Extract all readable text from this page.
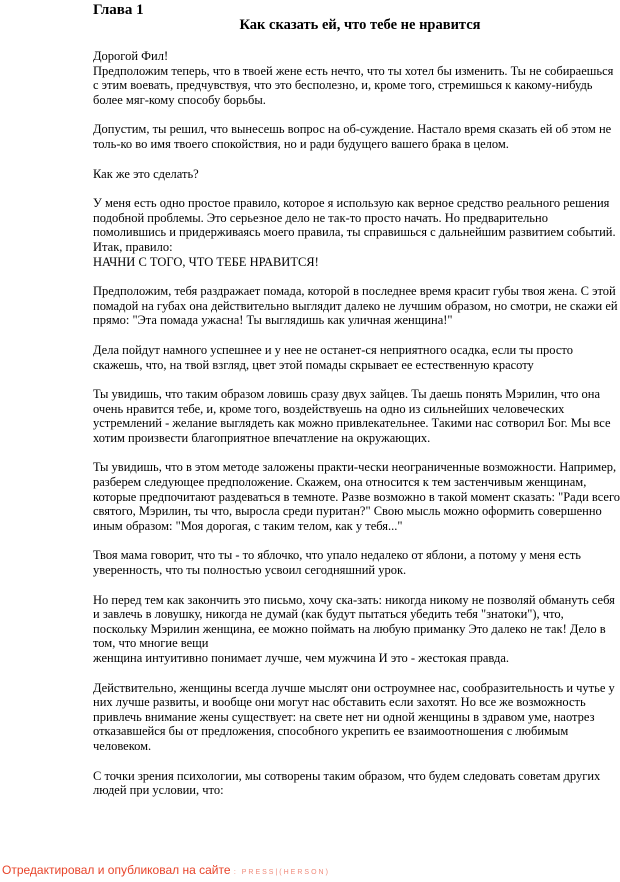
Глава 1
Как сказать ей, что тебе не нравится

Дорогой Фил!
Предположим теперь, что в твоей жене есть нечто, что ты хотел бы изменить. Ты не собираешься
с этим воевать, предчувствуя, что это бесполезно, и, кроме того, стремишься к какому-нибудь
более мяг-кому способу борьбы.

Допустим, ты решил, что вынесешь вопрос на об-суждение. Настало время сказать ей об этом не
толь-ко во имя твоего спокойствия, но и ради будущего вашего брака в целом.

Как же это сделать?

У меня есть одно простое правило, которое я использую как верное средство реального решения
подобной проблемы. Это серьезное дело не так-то просто начать. Но предварительно
помолившись и придерживаясь моего правила, ты справишься с дальнейшим развитием событий.
Итак, правило:
НАЧНИ С ТОГО, ЧТО ТЕБЕ НРАВИТСЯ!

Предположим, тебя раздражает помада, которой в последнее время красит губы твоя жена. С этой
помадой на губах она действительно выглядит далеко не лучшим образом, но смотри, не скажи ей
прямо: "Эта помада ужасна! Ты выглядишь как уличная женщина!"

Дела пойдут намного успешнее и у нее не останет-ся неприятного осадка, если ты просто
скажешь, что, на твой взгляд, цвет этой помады скрывает ее естественную красоту

Ты увидишь, что таким образом ловишь сразу двух зайцев. Ты даешь понять Мэрилин, что она
очень нравится тебе, и, кроме того, воздействуешь на одно из сильнейших человеческих
устремлений - желание выглядеть как можно привлекательнее. Такими нас сотворил Бог. Мы все
хотим произвести благоприятное впечатление на окружающих.

Ты увидишь, что в этом методе заложены практи-чески неограниченные возможности. Например,
разберем следующее предположение. Скажем, она относится к тем застенчивым женщинам,
которые предпочитают раздеваться в темноте. Разве возможно в такой момент сказать: "Ради всего
святого, Мэрилин, ты что, выросла среди пуритан?" Свою мысль можно оформить совершенно
иным образом: "Моя дорогая, с таким телом, как у тебя..."

Твоя мама говорит, что ты - то яблочко, что упало недалеко от яблони, а потому у меня есть
уверенность, что ты полностью усвоил сегодняшний урок.

Но перед тем как закончить это письмо, хочу ска-зать: никогда никому не позволяй обмануть себя
и завлечь в ловушку, никогда не думай (как будут пытаться убедить тебя "знатоки"), что,
поскольку Мэрилин женщина, ее можно поймать на любую приманку Это далеко не так! Дело в
том, что многие вещи
женщина интуитивно понимает лучше, чем мужчина И это - жестокая правда.

Действительно, женщины всегда лучше мыслят они остроумнее нас, сообразительность и чутье у
них лучше развиты, и вообще они могут нас обставить если захотят. Но все же возможность
привлечь внимание жены существует: на свете нет ни одной женщины в здравом уме, наотрез
отказавшейся бы от предложения, способного укрепить ее взаимоотношения с любимым
человеком.

С точки зрения психологии, мы сотворены таким образом, что будем следовать советам других
людей при условии, что:

Отредактировал и опубликовал на сайте : PRESS|(HERSON)
